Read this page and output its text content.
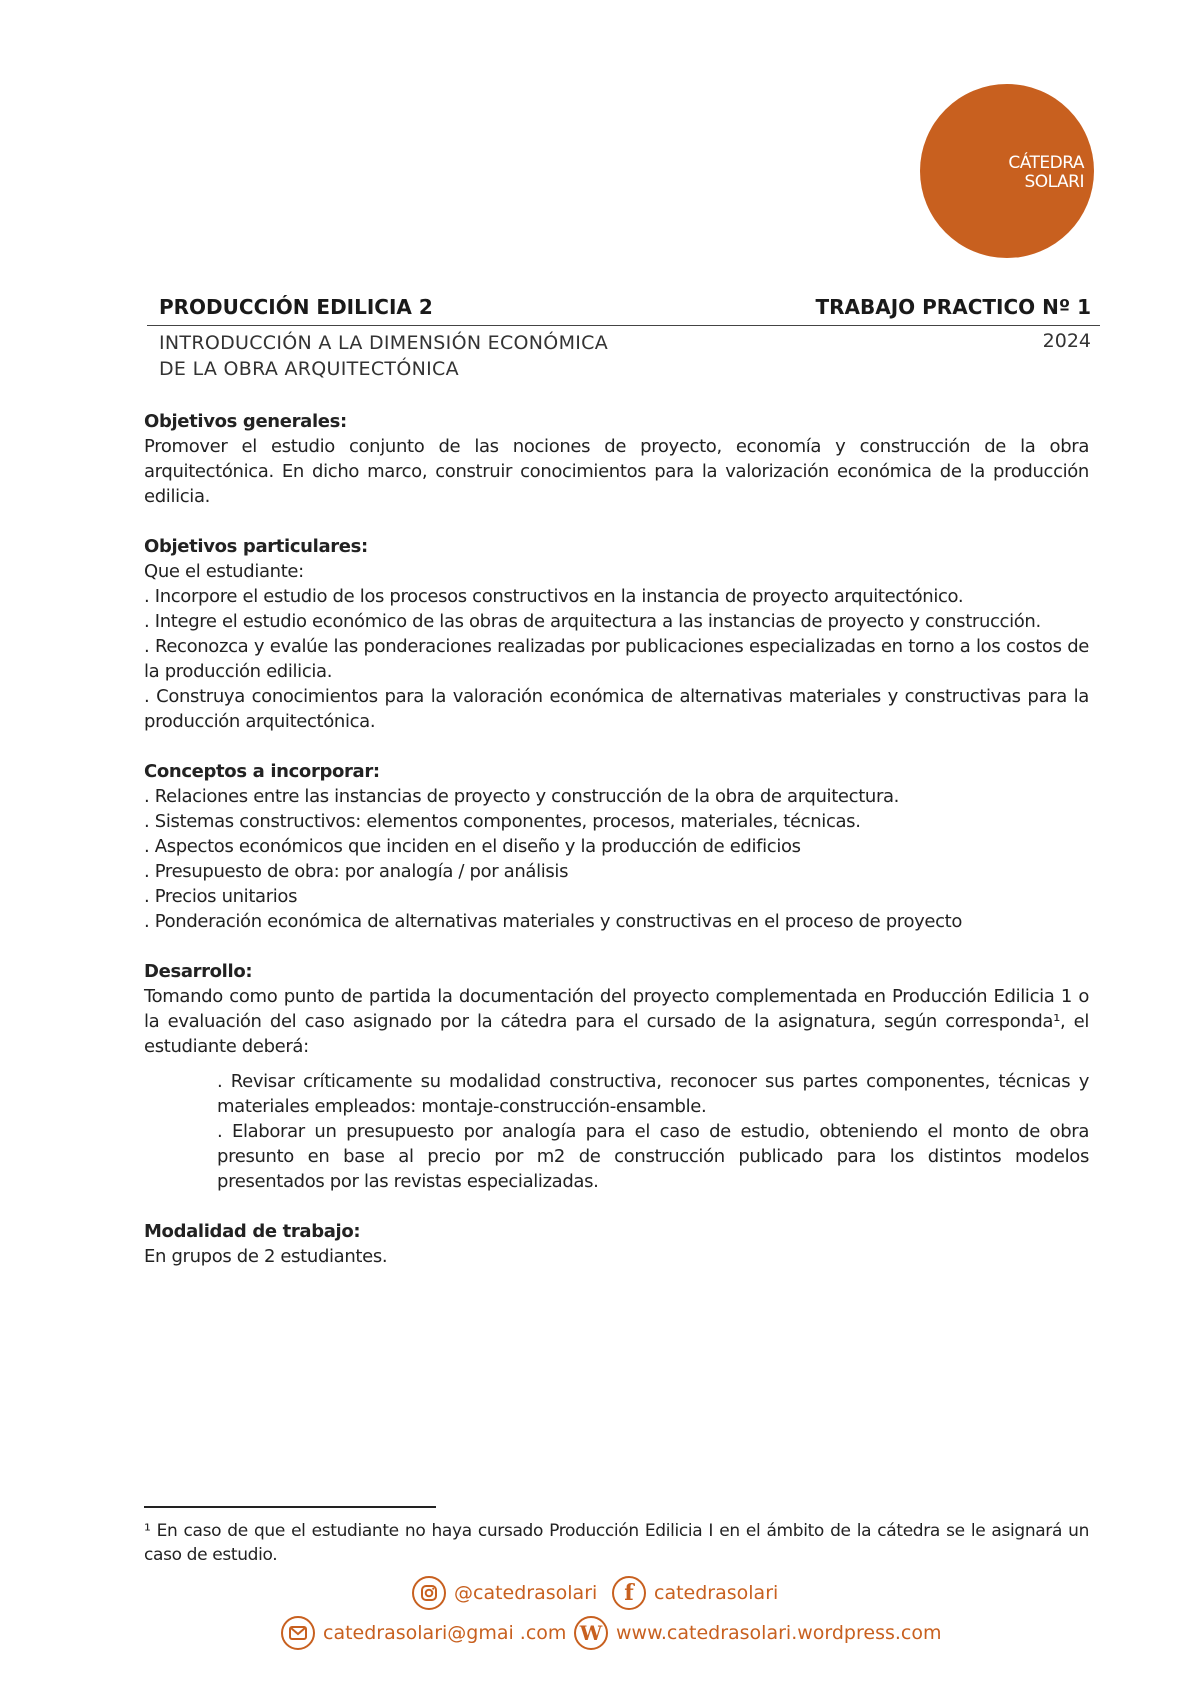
CÁTEDRA
SOLARI
PRODUCCIÓN EDILICIA 2	TRABAJO PRACTICO Nº 1
INTRODUCCIÓN A LA DIMENSIÓN ECONÓMICA
DE LA OBRA ARQUITECTÓNICA
2024
Objetivos generales:

Promover el estudio conjunto de las nociones de proyecto, economía y construcción de la obra arquitectónica. En dicho marco, construir conocimientos para la valorización económica de la producción edilicia.

Objetivos particulares:

Que el estudiante:

. Incorpore el estudio de los procesos constructivos en la instancia de proyecto arquitectónico.

. Integre el estudio económico de las obras de arquitectura a las instancias de proyecto y construcción.

. Reconozca y evalúe las ponderaciones realizadas por publicaciones especializadas en torno a los costos de la producción edilicia.

. Construya conocimientos para la valoración económica de alternativas materiales y constructivas para la producción arquitectónica.

Conceptos a incorporar:

. Relaciones entre las instancias de proyecto y construcción de la obra de arquitectura.

. Sistemas constructivos: elementos componentes, procesos, materiales, técnicas.

. Aspectos económicos que inciden en el diseño y la producción de edificios

. Presupuesto de obra: por analogía / por análisis

. Precios unitarios

. Ponderación económica de alternativas materiales y constructivas en el proceso de proyecto

Desarrollo:

Tomando como punto de partida la documentación del proyecto complementada en Producción Edilicia 1 o la evaluación del caso asignado por la cátedra para el cursado de la asignatura, según corresponda¹, el estudiante deberá:

. Revisar críticamente su modalidad constructiva, reconocer sus partes componentes, técnicas y materiales empleados: montaje-construcción-ensamble.

. Elaborar un presupuesto por analogía para el caso de estudio, obteniendo el monto de obra presunto en base al precio por m2 de construcción publicado para los distintos modelos presentados por las revistas especializadas.

Modalidad de trabajo:

En grupos de 2 estudiantes.

¹ En caso de que el estudiante no haya cursado Producción Edilicia I en el ámbito de la cátedra se le asignará un caso de estudio.
@catedrasolari	f	catedrasolari
catedrasolari@gmai .com W www.catedrasolari.wordpress.com
